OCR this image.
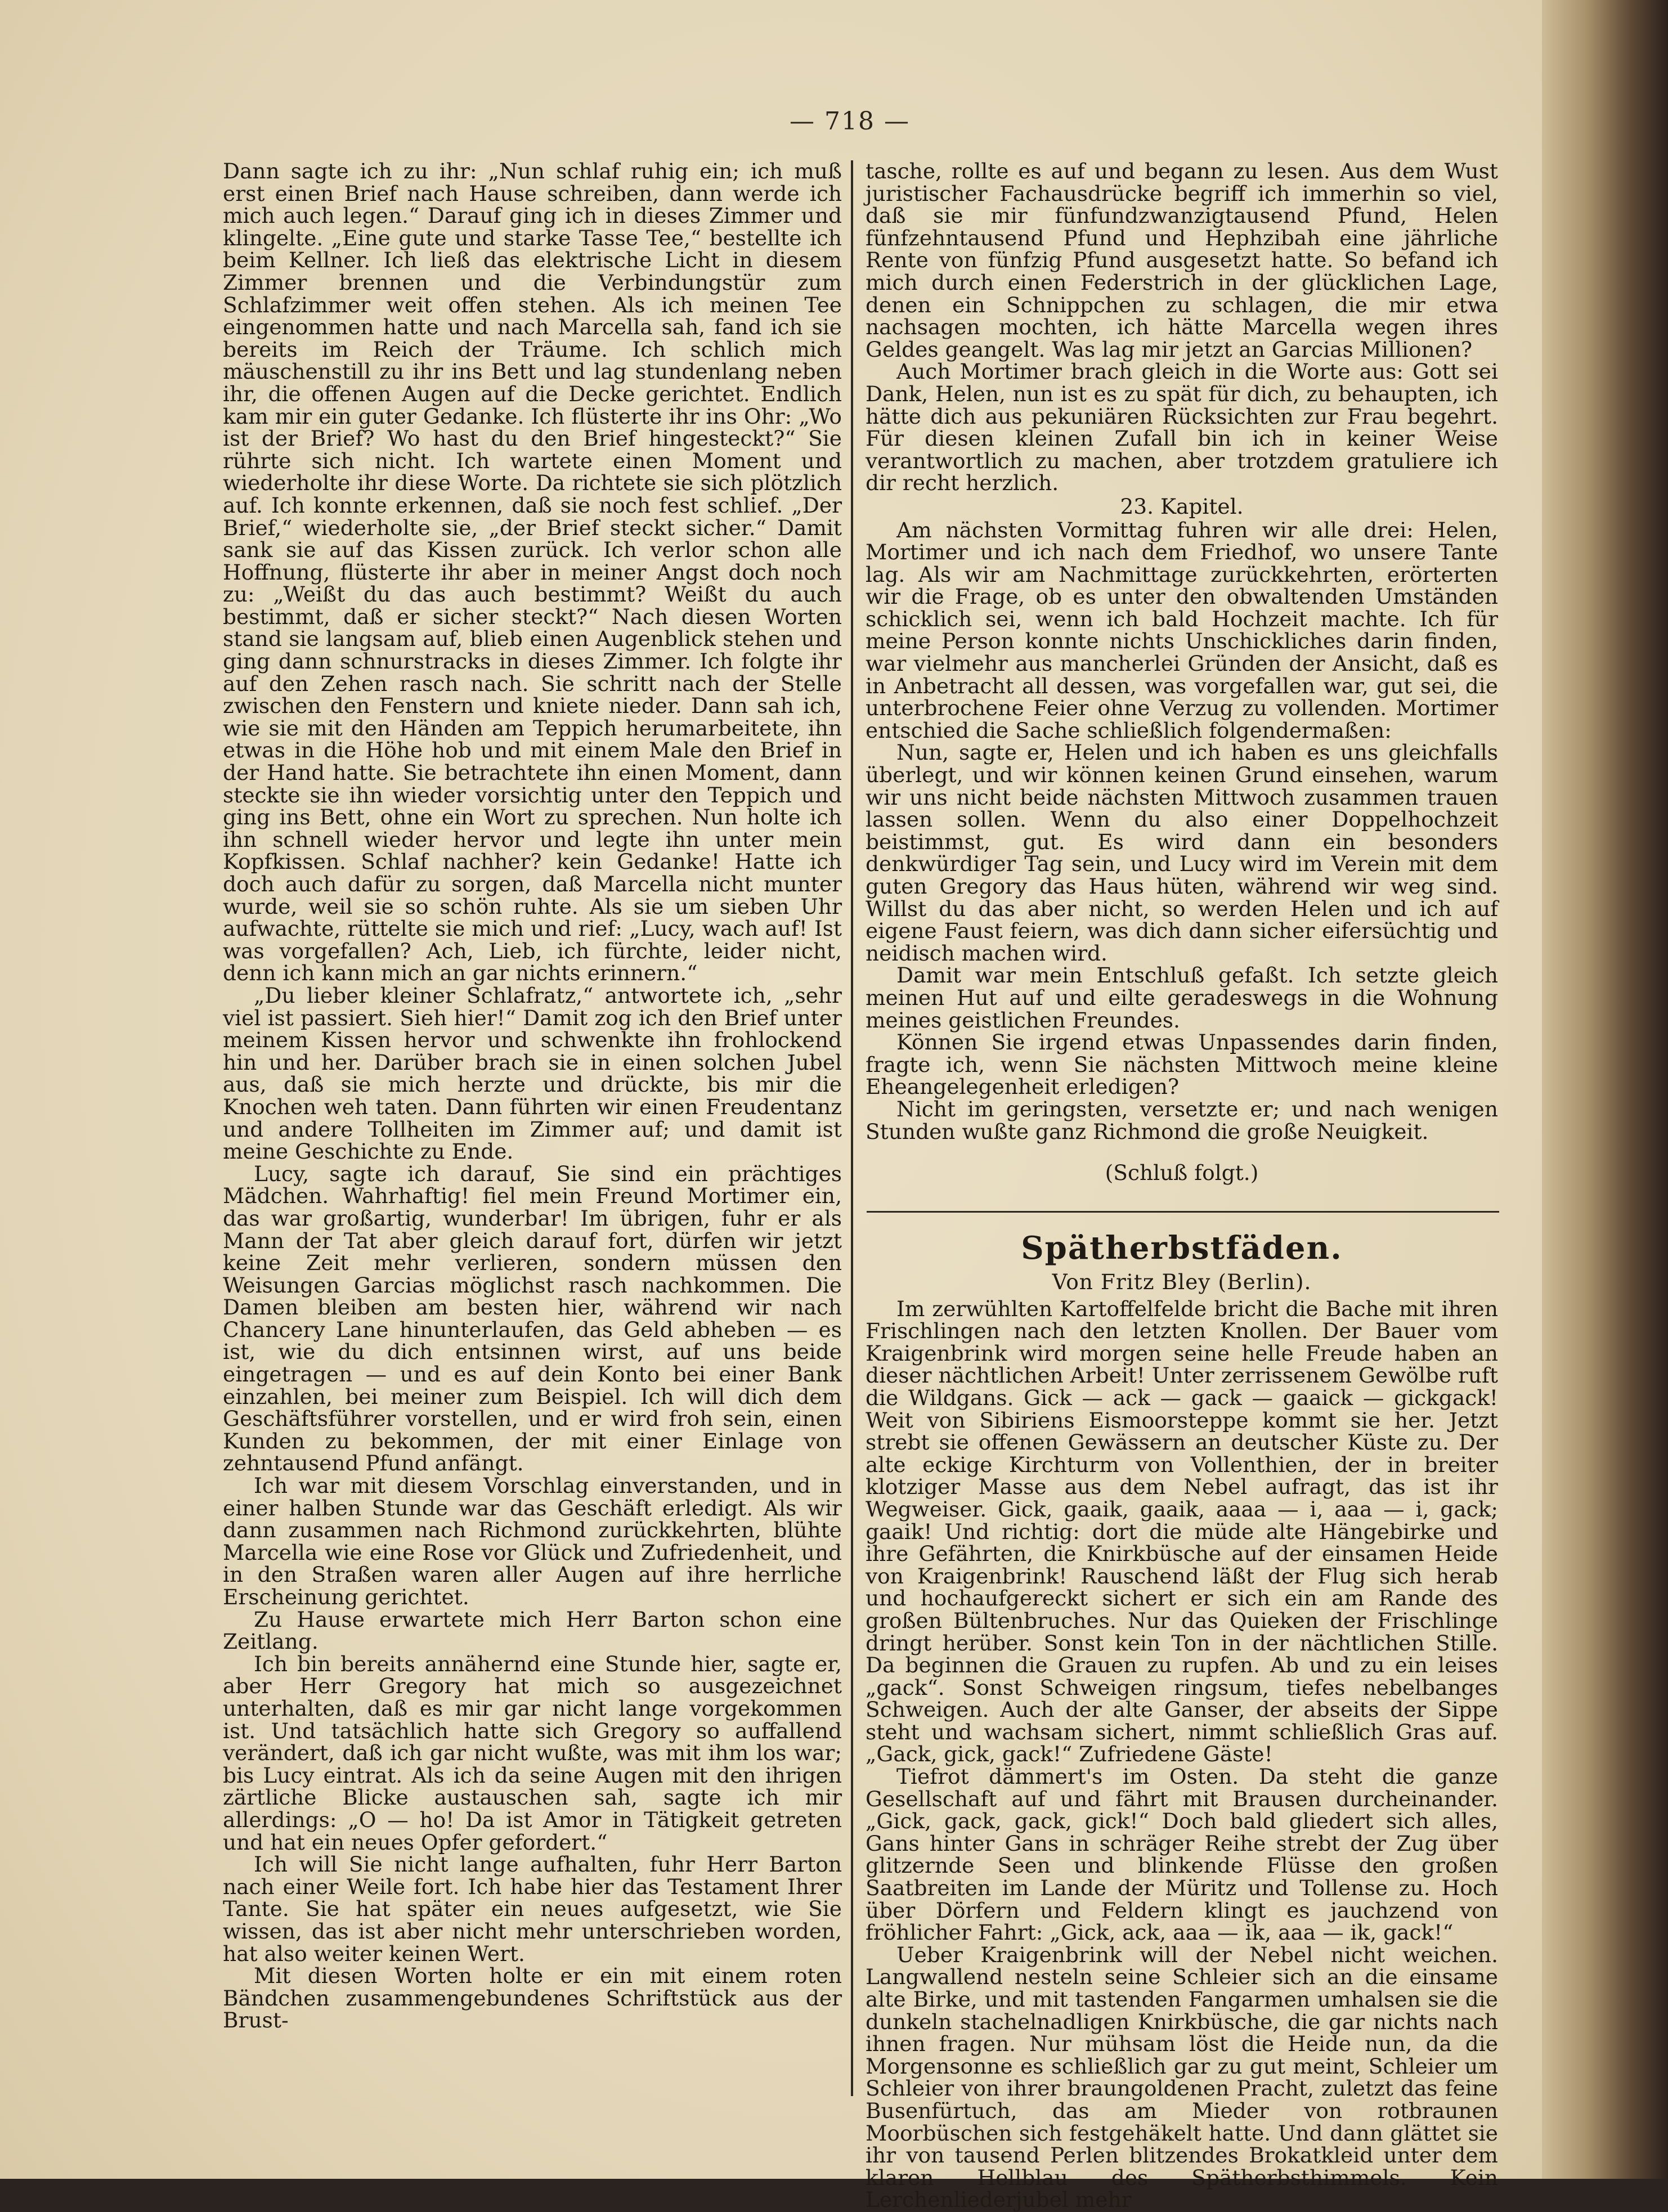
— 718 —

Dann sagte ich zu ihr: „Nun schlaf ruhig ein; ich muß erst einen Brief nach Hause schreiben, dann werde ich mich auch legen.“ Darauf ging ich in dieses Zimmer und klingelte. „Eine gute und starke Tasse Tee,“ bestellte ich beim Kellner. Ich ließ das elektrische Licht in diesem Zimmer brennen und die Verbindungstür zum Schlafzimmer weit offen stehen. Als ich meinen Tee eingenommen hatte und nach Marcella sah, fand ich sie bereits im Reich der Träume. Ich schlich mich mäuschenstill zu ihr ins Bett und lag stundenlang neben ihr, die offenen Augen auf die Decke gerichtet. Endlich kam mir ein guter Gedanke. Ich flüsterte ihr ins Ohr: „Wo ist der Brief? Wo hast du den Brief hingesteckt?“ Sie rührte sich nicht. Ich wartete einen Moment und wiederholte ihr diese Worte. Da richtete sie sich plötzlich auf. Ich konnte erkennen, daß sie noch fest schlief. „Der Brief,“ wiederholte sie, „der Brief steckt sicher.“ Damit sank sie auf das Kissen zurück. Ich verlor schon alle Hoffnung, flüsterte ihr aber in meiner Angst doch noch zu: „Weißt du das auch bestimmt? Weißt du auch bestimmt, daß er sicher steckt?“ Nach diesen Worten stand sie langsam auf, blieb einen Augenblick stehen und ging dann schnurstracks in dieses Zimmer. Ich folgte ihr auf den Zehen rasch nach. Sie schritt nach der Stelle zwischen den Fenstern und kniete nieder. Dann sah ich, wie sie mit den Händen am Teppich herumarbeitete, ihn etwas in die Höhe hob und mit einem Male den Brief in der Hand hatte. Sie betrachtete ihn einen Moment, dann steckte sie ihn wieder vorsichtig unter den Teppich und ging ins Bett, ohne ein Wort zu sprechen. Nun holte ich ihn schnell wieder hervor und legte ihn unter mein Kopfkissen. Schlaf nachher? kein Gedanke! Hatte ich doch auch dafür zu sorgen, daß Marcella nicht munter wurde, weil sie so schön ruhte. Als sie um sieben Uhr aufwachte, rüttelte sie mich und rief: „Lucy, wach auf! Ist was vorgefallen? Ach, Lieb, ich fürchte, leider nicht, denn ich kann mich an gar nichts erinnern.“

„Du lieber kleiner Schlafratz,“ antwortete ich, „sehr viel ist passiert. Sieh hier!“ Damit zog ich den Brief unter meinem Kissen hervor und schwenkte ihn frohlockend hin und her. Darüber brach sie in einen solchen Jubel aus, daß sie mich herzte und drückte, bis mir die Knochen weh taten. Dann führten wir einen Freudentanz und andere Tollheiten im Zimmer auf; und damit ist meine Geschichte zu Ende.

Lucy, sagte ich darauf, Sie sind ein prächtiges Mädchen. Wahrhaftig! fiel mein Freund Mortimer ein, das war großartig, wunderbar! Im übrigen, fuhr er als Mann der Tat aber gleich darauf fort, dürfen wir jetzt keine Zeit mehr verlieren, sondern müssen den Weisungen Garcias möglichst rasch nachkommen. Die Damen bleiben am besten hier, während wir nach Chancery Lane hinunterlaufen, das Geld abheben — es ist, wie du dich entsinnen wirst, auf uns beide eingetragen — und es auf dein Konto bei einer Bank einzahlen, bei meiner zum Beispiel. Ich will dich dem Geschäftsführer vorstellen, und er wird froh sein, einen Kunden zu bekommen, der mit einer Einlage von zehntausend Pfund anfängt.

Ich war mit diesem Vorschlag einverstanden, und in einer halben Stunde war das Geschäft erledigt. Als wir dann zusammen nach Richmond zurückkehrten, blühte Marcella wie eine Rose vor Glück und Zufriedenheit, und in den Straßen waren aller Augen auf ihre herrliche Erscheinung gerichtet.

Zu Hause erwartete mich Herr Barton schon eine Zeitlang.

Ich bin bereits annähernd eine Stunde hier, sagte er, aber Herr Gregory hat mich so ausgezeichnet unterhalten, daß es mir gar nicht lange vorgekommen ist. Und tatsächlich hatte sich Gregory so auffallend verändert, daß ich gar nicht wußte, was mit ihm los war; bis Lucy eintrat. Als ich da seine Augen mit den ihrigen zärtliche Blicke austauschen sah, sagte ich mir allerdings: „O — ho! Da ist Amor in Tätigkeit getreten und hat ein neues Opfer gefordert.“

Ich will Sie nicht lange aufhalten, fuhr Herr Barton nach einer Weile fort. Ich habe hier das Testament Ihrer Tante. Sie hat später ein neues aufgesetzt, wie Sie wissen, das ist aber nicht mehr unterschrieben worden, hat also weiter keinen Wert.

Mit diesen Worten holte er ein mit einem roten Bändchen zusammengebundenes Schriftstück aus der Brust-

tasche, rollte es auf und begann zu lesen. Aus dem Wust juristischer Fachausdrücke begriff ich immerhin so viel, daß sie mir fünfundzwanzigtausend Pfund, Helen fünfzehntausend Pfund und Hephzibah eine jährliche Rente von fünfzig Pfund ausgesetzt hatte. So befand ich mich durch einen Federstrich in der glücklichen Lage, denen ein Schnippchen zu schlagen, die mir etwa nachsagen mochten, ich hätte Marcella wegen ihres Geldes geangelt. Was lag mir jetzt an Garcias Millionen?

Auch Mortimer brach gleich in die Worte aus: Gott sei Dank, Helen, nun ist es zu spät für dich, zu behaupten, ich hätte dich aus pekuniären Rücksichten zur Frau begehrt. Für diesen kleinen Zufall bin ich in keiner Weise verantwortlich zu machen, aber trotzdem gratuliere ich dir recht herzlich.

23. Kapitel.

Am nächsten Vormittag fuhren wir alle drei: Helen, Mortimer und ich nach dem Friedhof, wo unsere Tante lag. Als wir am Nachmittage zurückkehrten, erörterten wir die Frage, ob es unter den obwaltenden Umständen schicklich sei, wenn ich bald Hochzeit machte. Ich für meine Person konnte nichts Unschickliches darin finden, war vielmehr aus mancherlei Gründen der Ansicht, daß es in Anbetracht all dessen, was vorgefallen war, gut sei, die unterbrochene Feier ohne Verzug zu vollenden. Mortimer entschied die Sache schließlich folgendermaßen:

Nun, sagte er, Helen und ich haben es uns gleichfalls überlegt, und wir können keinen Grund einsehen, warum wir uns nicht beide nächsten Mittwoch zusammen trauen lassen sollen. Wenn du also einer Doppelhochzeit beistimmst, gut. Es wird dann ein besonders denkwürdiger Tag sein, und Lucy wird im Verein mit dem guten Gregory das Haus hüten, während wir weg sind. Willst du das aber nicht, so werden Helen und ich auf eigene Faust feiern, was dich dann sicher eifersüchtig und neidisch machen wird.

Damit war mein Entschluß gefaßt. Ich setzte gleich meinen Hut auf und eilte geradeswegs in die Wohnung meines geistlichen Freundes.

Können Sie irgend etwas Unpassendes darin finden, fragte ich, wenn Sie nächsten Mittwoch meine kleine Eheangelegenheit erledigen?

Nicht im geringsten, versetzte er; und nach wenigen Stunden wußte ganz Richmond die große Neuigkeit.

(Schluß folgt.)

Spätherbstfäden.
Von Fritz Bley (Berlin).

Im zerwühlten Kartoffelfelde bricht die Bache mit ihren Frischlingen nach den letzten Knollen. Der Bauer vom Kraigenbrink wird morgen seine helle Freude haben an dieser nächtlichen Arbeit! Unter zerrissenem Gewölbe ruft die Wildgans. Gick — ack — gack — gaaick — gickgack! Weit von Sibiriens Eismoorsteppe kommt sie her. Jetzt strebt sie offenen Gewässern an deutscher Küste zu. Der alte eckige Kirchturm von Vollenthien, der in breiter klotziger Masse aus dem Nebel aufragt, das ist ihr Wegweiser. Gick, gaaik, gaaik, aaaa — i, aaa — i, gack; gaaik! Und richtig: dort die müde alte Hängebirke und ihre Gefährten, die Knirkbüsche auf der einsamen Heide von Kraigenbrink! Rauschend läßt der Flug sich herab und hochaufgereckt sichert er sich ein am Rande des großen Bültenbruches. Nur das Quieken der Frischlinge dringt herüber. Sonst kein Ton in der nächtlichen Stille. Da beginnen die Grauen zu rupfen. Ab und zu ein leises „gack“. Sonst Schweigen ringsum, tiefes nebelbanges Schweigen. Auch der alte Ganser, der abseits der Sippe steht und wachsam sichert, nimmt schließlich Gras auf. „Gack, gick, gack!“ Zufriedene Gäste!

Tiefrot dämmert's im Osten. Da steht die ganze Gesellschaft auf und fährt mit Brausen durcheinander. „Gick, gack, gack, gick!“ Doch bald gliedert sich alles, Gans hinter Gans in schräger Reihe strebt der Zug über glitzernde Seen und blinkende Flüsse den großen Saatbreiten im Lande der Müritz und Tollense zu. Hoch über Dörfern und Feldern klingt es jauchzend von fröhlicher Fahrt: „Gick, ack, aaa — ik, aaa — ik, gack!“

Ueber Kraigenbrink will der Nebel nicht weichen. Langwallend nesteln seine Schleier sich an die einsame alte Birke, und mit tastenden Fangarmen umhalsen sie die dunkeln stachelnadligen Knirkbüsche, die gar nichts nach ihnen fragen. Nur mühsam löst die Heide nun, da die Morgensonne es schließlich gar zu gut meint, Schleier um Schleier von ihrer braungoldenen Pracht, zuletzt das feine Busenfürtuch, das am Mieder von rotbraunen Moorbüschen sich festgehäkelt hatte. Und dann glättet sie ihr von tausend Perlen blitzendes Brokatkleid unter dem klaren Hellblau des Spätherbsthimmels. Kein Lerchenliederjubel mehr
